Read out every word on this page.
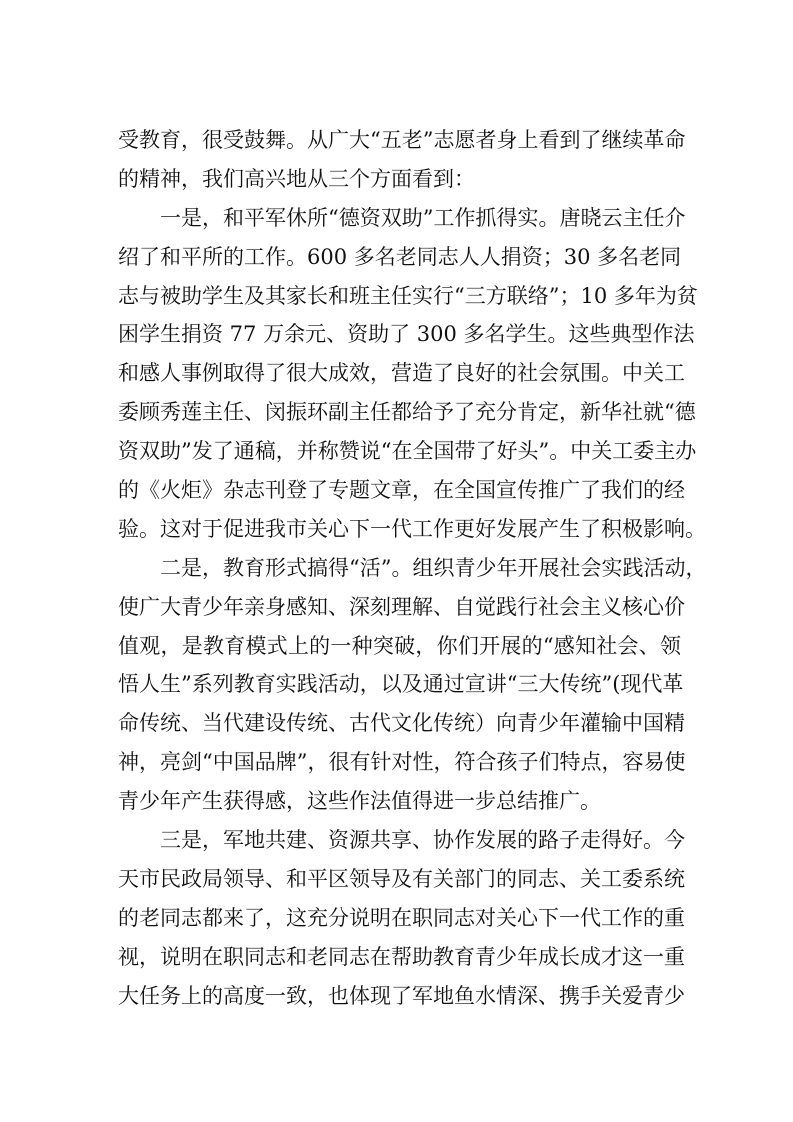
受教育，很受鼓舞。从广大“五老”志愿者身上看到了继续革命
的精神，我们高兴地从三个方面看到：
一是，和平军休所“德资双助”工作抓得实。唐晓云主任介
绍了和平所的工作。600 多名老同志人人捐资；30 多名老同
志与被助学生及其家长和班主任实行“三方联络”；10 多年为贫
困学生捐资 77 万余元、资助了 300 多名学生。这些典型作法
和感人事例取得了很大成效，营造了良好的社会氛围。中关工
委顾秀莲主任、闵振环副主任都给予了充分肯定，新华社就“德
资双助”发了通稿，并称赞说“在全国带了好头”。中关工委主办
的《火炬》杂志刊登了专题文章，在全国宣传推广了我们的经
验。这对于促进我市关心下一代工作更好发展产生了积极影响。
二是，教育形式搞得“活”。组织青少年开展社会实践活动，
使广大青少年亲身感知、深刻理解、自觉践行社会主义核心价
值观，是教育模式上的一种突破，你们开展的“感知社会、领
悟人生”系列教育实践活动，以及通过宣讲“三大传统”(现代革
命传统、当代建设传统、古代文化传统）向青少年灌输中国精
神，亮剑“中国品牌”，很有针对性，符合孩子们特点，容易使
青少年产生获得感，这些作法值得进一步总结推广。
三是，军地共建、资源共享、协作发展的路子走得好。今
天市民政局领导、和平区领导及有关部门的同志、关工委系统
的老同志都来了，这充分说明在职同志对关心下一代工作的重
视，说明在职同志和老同志在帮助教育青少年成长成才这一重
大任务上的高度一致，也体现了军地鱼水情深、携手关爱青少
